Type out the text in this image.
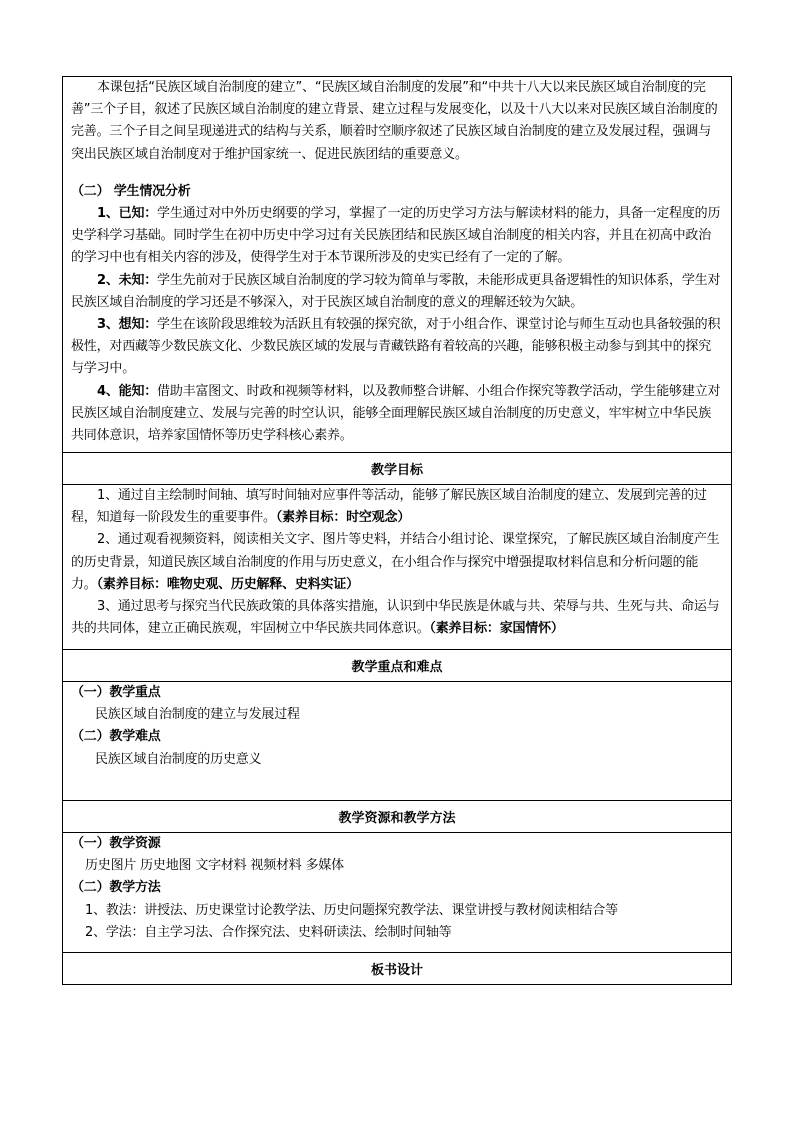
本课包括“民族区域自治制度的建立”、“民族区域自治制度的发展”和“中共十八大以来民族区域自治制度的完善”三个子目，叙述了民族区域自治制度的建立背景、建立过程与发展变化，以及十八大以来对民族区域自治制度的完善。三个子目之间呈现递进式的结构与关系，顺着时空顺序叙述了民族区域自治制度的建立及发展过程，强调与突出民族区域自治制度对于维护国家统一、促进民族团结的重要意义。

（二） 学生情况分析

1、已知：学生通过对中外历史纲要的学习，掌握了一定的历史学习方法与解读材料的能力，具备一定程度的历史学科学习基础。同时学生在初中历史中学习过有关民族团结和民族区域自治制度的相关内容，并且在初高中政治的学习中也有相关内容的涉及，使得学生对于本节课所涉及的史实已经有了一定的了解。

2、未知：学生先前对于民族区域自治制度的学习较为简单与零散，未能形成更具备逻辑性的知识体系，学生对民族区域自治制度的学习还是不够深入，对于民族区域自治制度的意义的理解还较为欠缺。

3、想知：学生在该阶段思维较为活跃且有较强的探究欲，对于小组合作、课堂讨论与师生互动也具备较强的积极性，对西藏等少数民族文化、少数民族区域的发展与青藏铁路有着较高的兴趣，能够积极主动参与到其中的探究与学习中。

4、能知：借助丰富图文、时政和视频等材料，以及教师整合讲解、小组合作探究等教学活动，学生能够建立对民族区域自治制度建立、发展与完善的时空认识，能够全面理解民族区域自治制度的历史意义，牢牢树立中华民族共同体意识，培养家国情怀等历史学科核心素养。

教学目标

1、通过自主绘制时间轴、填写时间轴对应事件等活动，能够了解民族区域自治制度的建立、发展到完善的过程，知道每一阶段发生的重要事件。（素养目标：时空观念）

2、通过观看视频资料，阅读相关文字、图片等史料，并结合小组讨论、课堂探究，了解民族区域自治制度产生的历史背景，知道民族区域自治制度的作用与历史意义，在小组合作与探究中增强提取材料信息和分析问题的能力。（素养目标：唯物史观、历史解释、史料实证）

3、通过思考与探究当代民族政策的具体落实措施，认识到中华民族是休戚与共、荣辱与共、生死与共、命运与共的共同体，建立正确民族观，牢固树立中华民族共同体意识。（素养目标：家国情怀）

教学重点和难点

（一）教学重点

民族区域自治制度的建立与发展过程

（二）教学难点

民族区域自治制度的历史意义

教学资源和教学方法

（一）教学资源

历史图片 历史地图 文字材料 视频材料 多媒体

（二）教学方法

1、教法：讲授法、历史课堂讨论教学法、历史问题探究教学法、课堂讲授与教材阅读相结合等

2、学法：自主学习法、合作探究法、史料研读法、绘制时间轴等

板书设计
